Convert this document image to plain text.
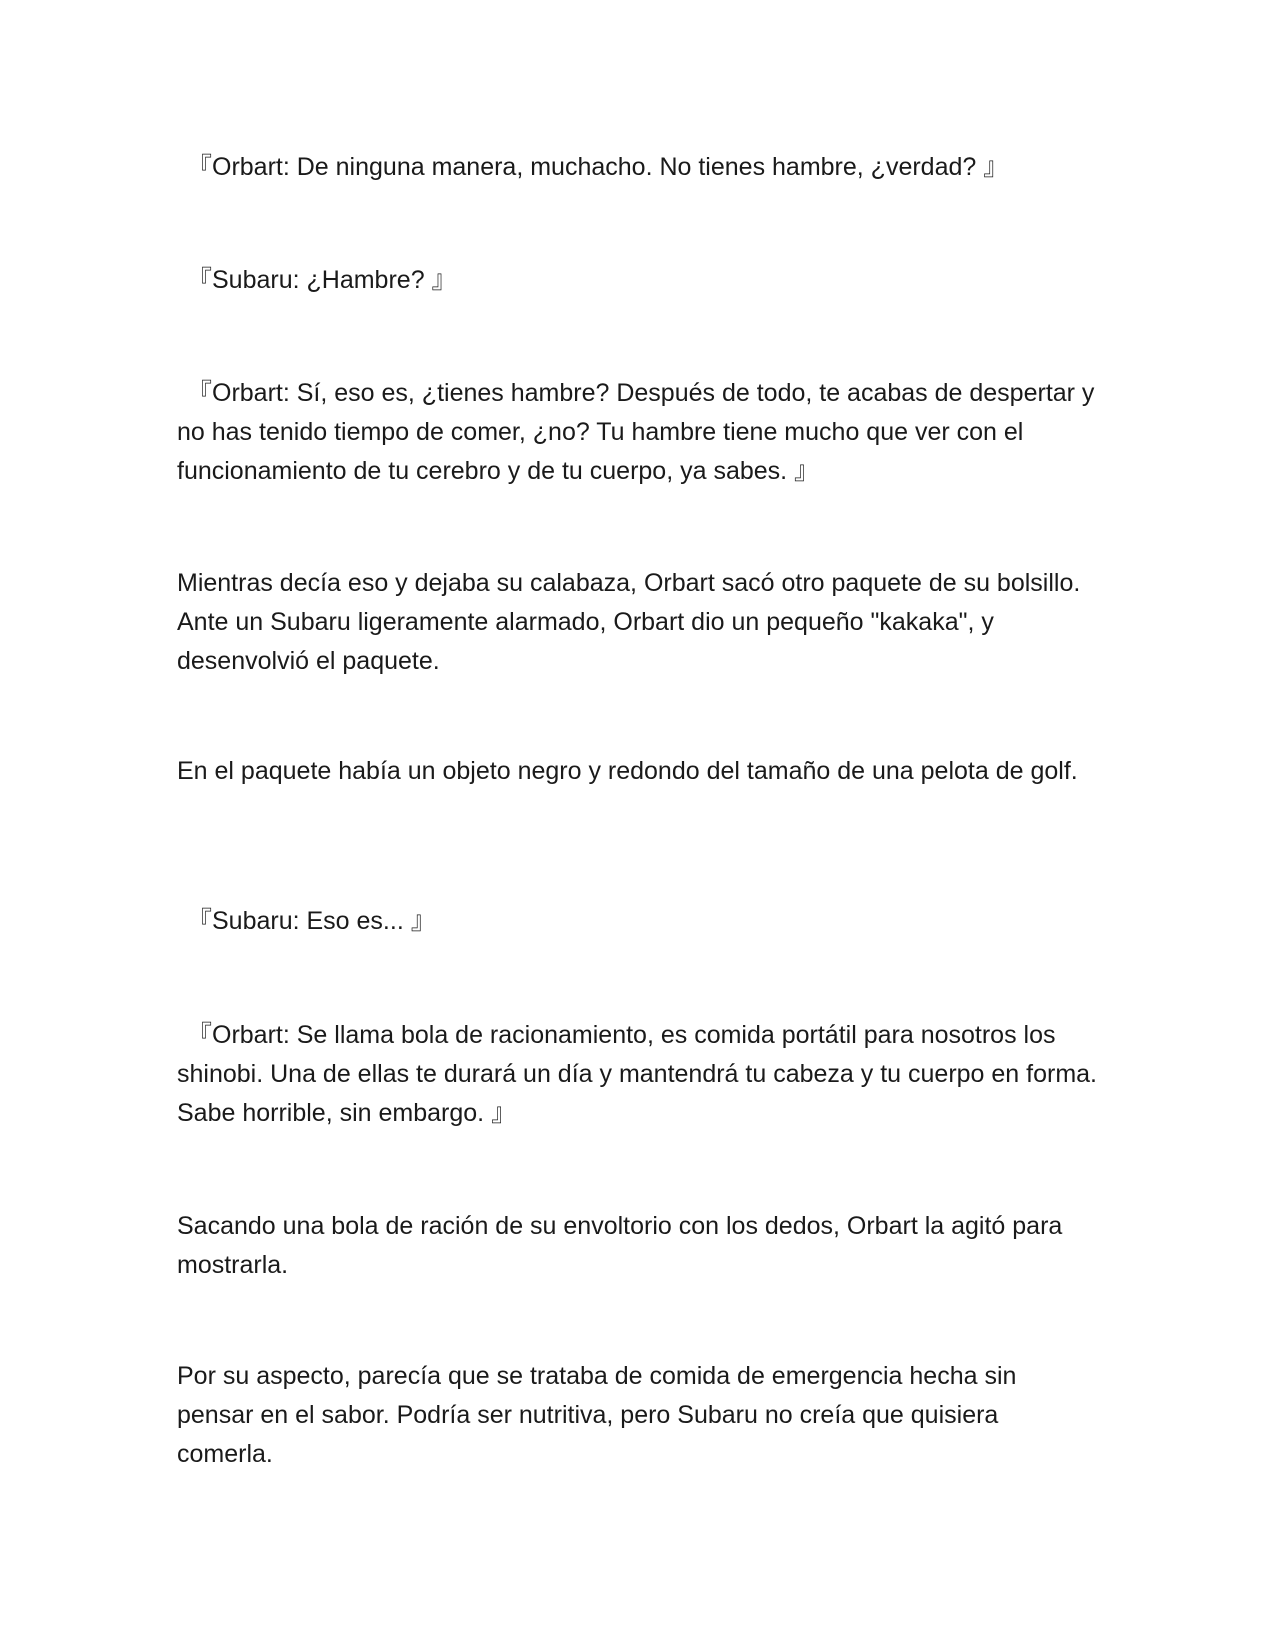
『Orbart: De ninguna manera, muchacho. No tienes hambre, ¿verdad? 』

『Subaru: ¿Hambre? 』

『Orbart: Sí, eso es, ¿tienes hambre? Después de todo, te acabas de despertar y no has tenido tiempo de comer, ¿no? Tu hambre tiene mucho que ver con el funcionamiento de tu cerebro y de tu cuerpo, ya sabes. 』

Mientras decía eso y dejaba su calabaza, Orbart sacó otro paquete de su bolsillo. Ante un Subaru ligeramente alarmado, Orbart dio un pequeño "kakaka", y desenvolvió el paquete.

En el paquete había un objeto negro y redondo del tamaño de una pelota de golf.

『Subaru: Eso es... 』

『Orbart: Se llama bola de racionamiento, es comida portátil para nosotros los shinobi. Una de ellas te durará un día y mantendrá tu cabeza y tu cuerpo en forma. Sabe horrible, sin embargo. 』

Sacando una bola de ración de su envoltorio con los dedos, Orbart la agitó para mostrarla.

Por su aspecto, parecía que se trataba de comida de emergencia hecha sin pensar en el sabor. Podría ser nutritiva, pero Subaru no creía que quisiera comerla.
